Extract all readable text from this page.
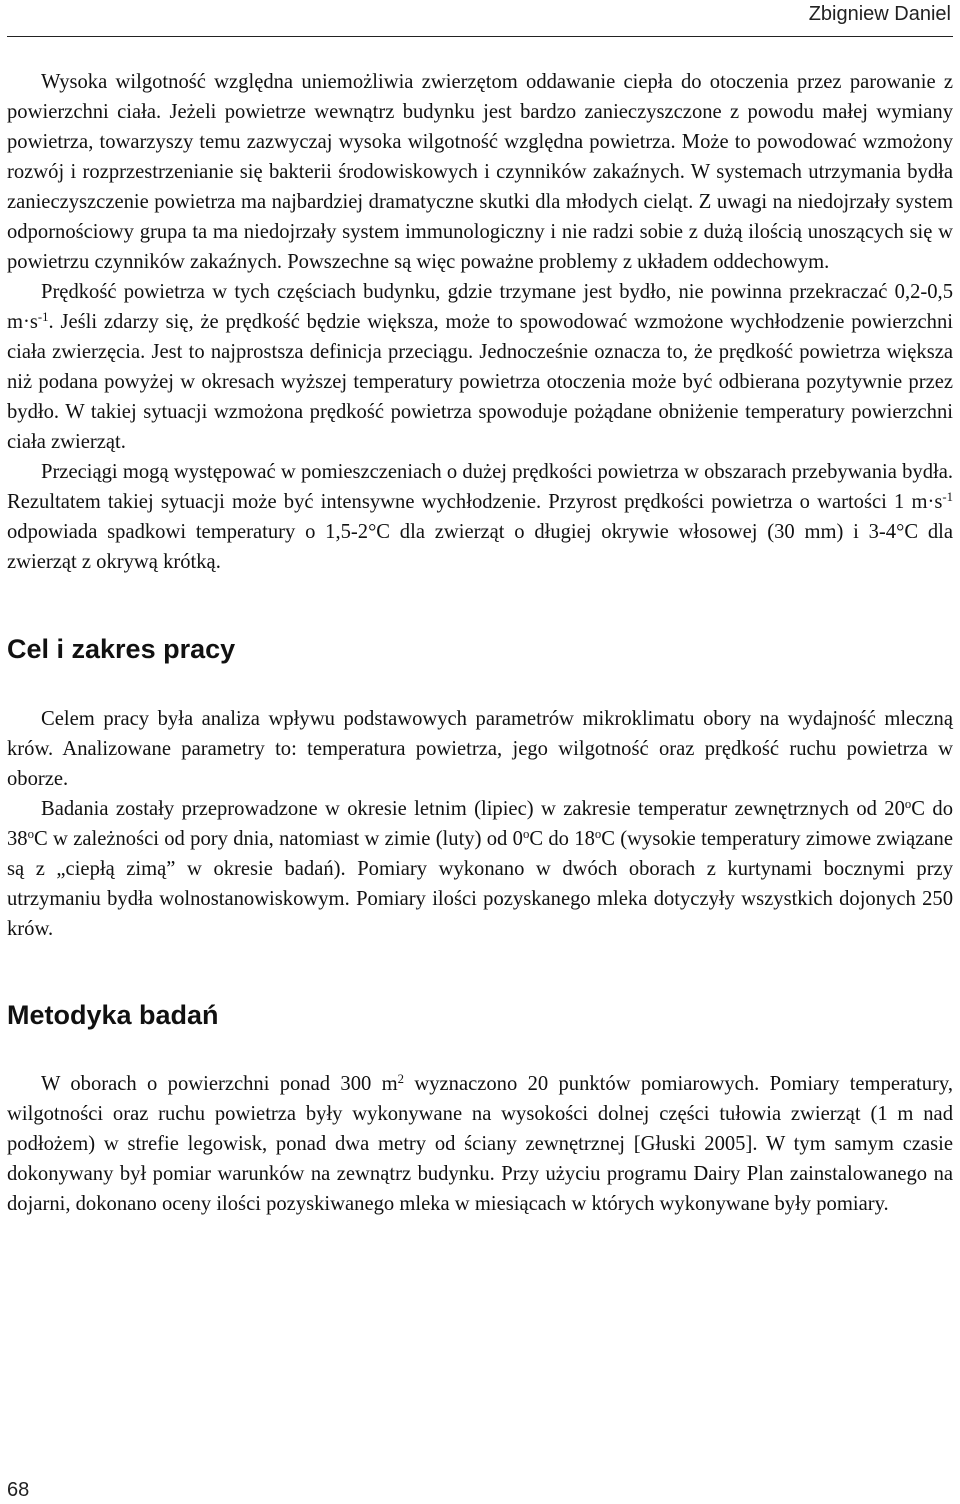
Zbigniew Daniel

Wysoka wilgotność względna uniemożliwia zwierzętom oddawanie ciepła do otoczenia przez parowanie z powierzchni ciała. Jeżeli powietrze wewnątrz budynku jest bardzo zanieczyszczone z powodu małej wymiany powietrza, towarzyszy temu zazwyczaj wysoka wilgotność względna powietrza. Może to powodować wzmożony rozwój i rozprzestrzenianie się bakterii środowiskowych i czynników zakaźnych. W systemach utrzymania bydła zanieczyszczenie powietrza ma najbardziej dramatyczne skutki dla młodych cieląt. Z uwagi na niedojrzały system odpornościowy grupa ta ma niedojrzały system immunologiczny i nie radzi sobie z dużą ilością unoszących się w powietrzu czynników zakaźnych. Powszechne są więc poważne problemy z układem oddechowym.

Prędkość powietrza w tych częściach budynku, gdzie trzymane jest bydło, nie powinna przekraczać 0,2-0,5 $m\cdot s^{-1}$. Jeśli zdarzy się, że prędkość będzie większa, może to spowodować wzmożone wychłodzenie powierzchni ciała zwierzęcia. Jest to najprostsza definicja przeciągu. Jednocześnie oznacza to, że prędkość powietrza większa niż podana powyżej w okresach wyższej temperatury powietrza otoczenia może być odbierana pozytywnie przez bydło. W takiej sytuacji wzmożona prędkość powietrza spowoduje pożądane obniżenie temperatury powierzchni ciała zwierząt.

Przeciągi mogą występować w pomieszczeniach o dużej prędkości powietrza w obszarach przebywania bydła. Rezultatem takiej sytuacji może być intensywne wychłodzenie. Przyrost prędkości powietrza o wartości 1 $m\cdot s^{-1}$ odpowiada spadkowi temperatury o 1,5-2°C dla zwierząt o długiej okrywie włosowej (30 mm) i 3-4°C dla zwierząt z okrywą krótką.

Cel i zakres pracy

Celem pracy była analiza wpływu podstawowych parametrów mikroklimatu obory na wydajność mleczną krów. Analizowane parametry to: temperatura powietrza, jego wilgotność oraz prędkość ruchu powietrza w oborze.

Badania zostały przeprowadzone w okresie letnim (lipiec) w zakresie temperatur zewnętrznych od 20$^o$C do 38$^o$C w zależności od pory dnia, natomiast w zimie (luty) od 0$^o$C do 18$^o$C (wysokie temperatury zimowe związane są z „ciepłą zimą” w okresie badań). Pomiary wykonano w dwóch oborach z kurtynami bocznymi przy utrzymaniu bydła wolnostanowiskowym. Pomiary ilości pozyskanego mleka dotyczyły wszystkich dojonych 250 krów.

Metodyka badań

W oborach o powierzchni ponad 300 $m^2$ wyznaczono 20 punktów pomiarowych. Pomiary temperatury, wilgotności oraz ruchu powietrza były wykonywane na wysokości dolnej części tułowia zwierząt (1 m nad podłożem) w strefie legowisk, ponad dwa metry od ściany zewnętrznej [Głuski 2005]. W tym samym czasie dokonywany był pomiar warunków na zewnątrz budynku. Przy użyciu programu Dairy Plan zainstalowanego na dojarni, dokonano oceny ilości pozyskiwanego mleka w miesiącach w których wykonywane były pomiary.

68
